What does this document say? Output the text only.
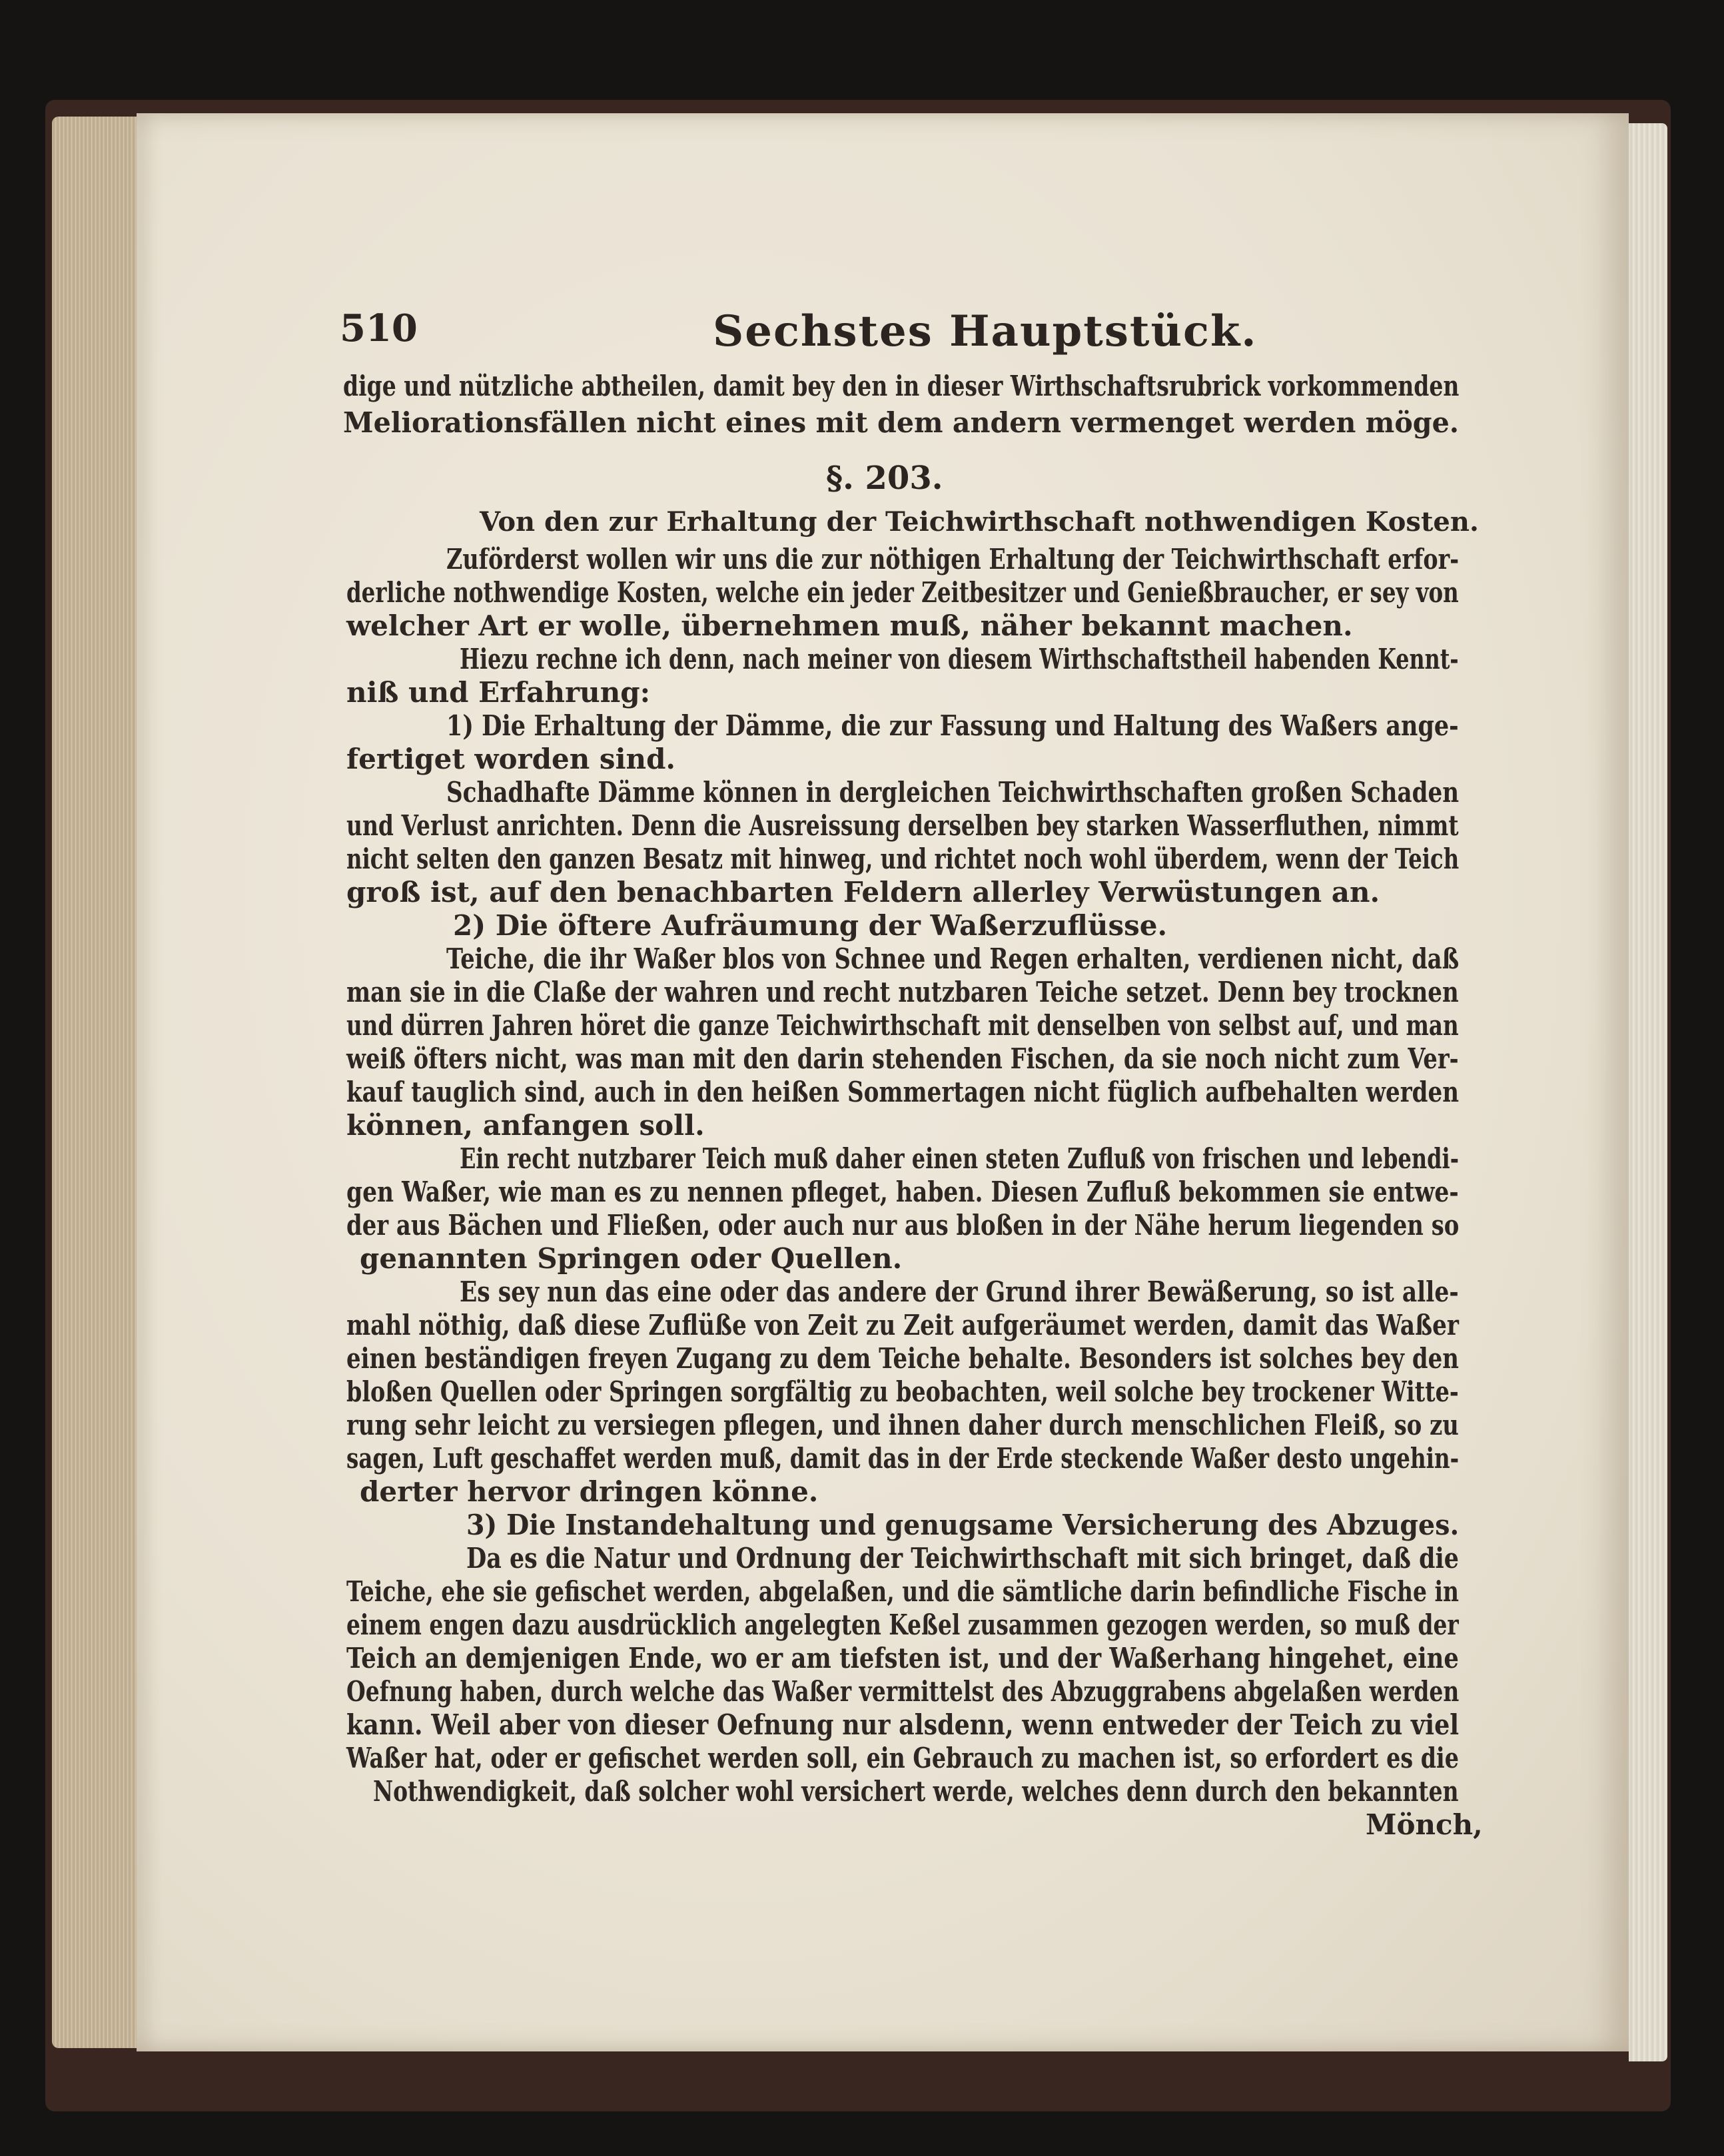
510	Sechstes Hauptstück.
dige und nützliche abtheilen, damit bey den in dieser Wirthschaftsrubrick vorkommenden
Meliorationsfällen nicht eines mit dem andern vermenget werden möge.
§. 203.
Von den zur Erhaltung der Teichwirthschaft nothwendigen Kosten.
Zuförderst wollen wir uns die zur nöthigen Erhaltung der Teichwirthschaft erfor-
derliche nothwendige Kosten, welche ein jeder Zeitbesitzer und Genießbraucher, er sey von
welcher Art er wolle, übernehmen muß, näher bekannt machen.
Hiezu rechne ich denn, nach meiner von diesem Wirthschaftstheil habenden Kennt-
niß und Erfahrung:
1) Die Erhaltung der Dämme, die zur Fassung und Haltung des Waßers ange-
fertiget worden sind.
Schadhafte Dämme können in dergleichen Teichwirthschaften großen Schaden
und Verlust anrichten. Denn die Ausreissung derselben bey starken Wasserfluthen, nimmt
nicht selten den ganzen Besatz mit hinweg, und richtet noch wohl überdem, wenn der Teich
groß ist, auf den benachbarten Feldern allerley Verwüstungen an.
2) Die öftere Aufräumung der Waßerzuflüsse.
Teiche, die ihr Waßer blos von Schnee und Regen erhalten, verdienen nicht, daß
man sie in die Claße der wahren und recht nutzbaren Teiche setzet. Denn bey trocknen
und dürren Jahren höret die ganze Teichwirthschaft mit denselben von selbst auf, und man
weiß öfters nicht, was man mit den darin stehenden Fischen, da sie noch nicht zum Ver-
kauf tauglich sind, auch in den heißen Sommertagen nicht füglich aufbehalten werden
können, anfangen soll.
Ein recht nutzbarer Teich muß daher einen steten Zufluß von frischen und lebendi-
gen Waßer, wie man es zu nennen pfleget, haben. Diesen Zufluß bekommen sie entwe-
der aus Bächen und Fließen, oder auch nur aus bloßen in der Nähe herum liegenden so
genannten Springen oder Quellen.
Es sey nun das eine oder das andere der Grund ihrer Bewäßerung, so ist alle-
mahl nöthig, daß diese Zuflüße von Zeit zu Zeit aufgeräumet werden, damit das Waßer
einen beständigen freyen Zugang zu dem Teiche behalte. Besonders ist solches bey den
bloßen Quellen oder Springen sorgfältig zu beobachten, weil solche bey trockener Witte-
rung sehr leicht zu versiegen pflegen, und ihnen daher durch menschlichen Fleiß, so zu
sagen, Luft geschaffet werden muß, damit das in der Erde steckende Waßer desto ungehin-
derter hervor dringen könne.
3) Die Instandehaltung und genugsame Versicherung des Abzuges.
Da es die Natur und Ordnung der Teichwirthschaft mit sich bringet, daß die
Teiche, ehe sie gefischet werden, abgelaßen, und die sämtliche darin befindliche Fische in
einem engen dazu ausdrücklich angelegten Keßel zusammen gezogen werden, so muß der
Teich an demjenigen Ende, wo er am tiefsten ist, und der Waßerhang hingehet, eine
Oefnung haben, durch welche das Waßer vermittelst des Abzuggrabens abgelaßen werden
kann. Weil aber von dieser Oefnung nur alsdenn, wenn entweder der Teich zu viel
Waßer hat, oder er gefischet werden soll, ein Gebrauch zu machen ist, so erfordert es die
Nothwendigkeit, daß solcher wohl versichert werde, welches denn durch den bekannten
Mönch,
